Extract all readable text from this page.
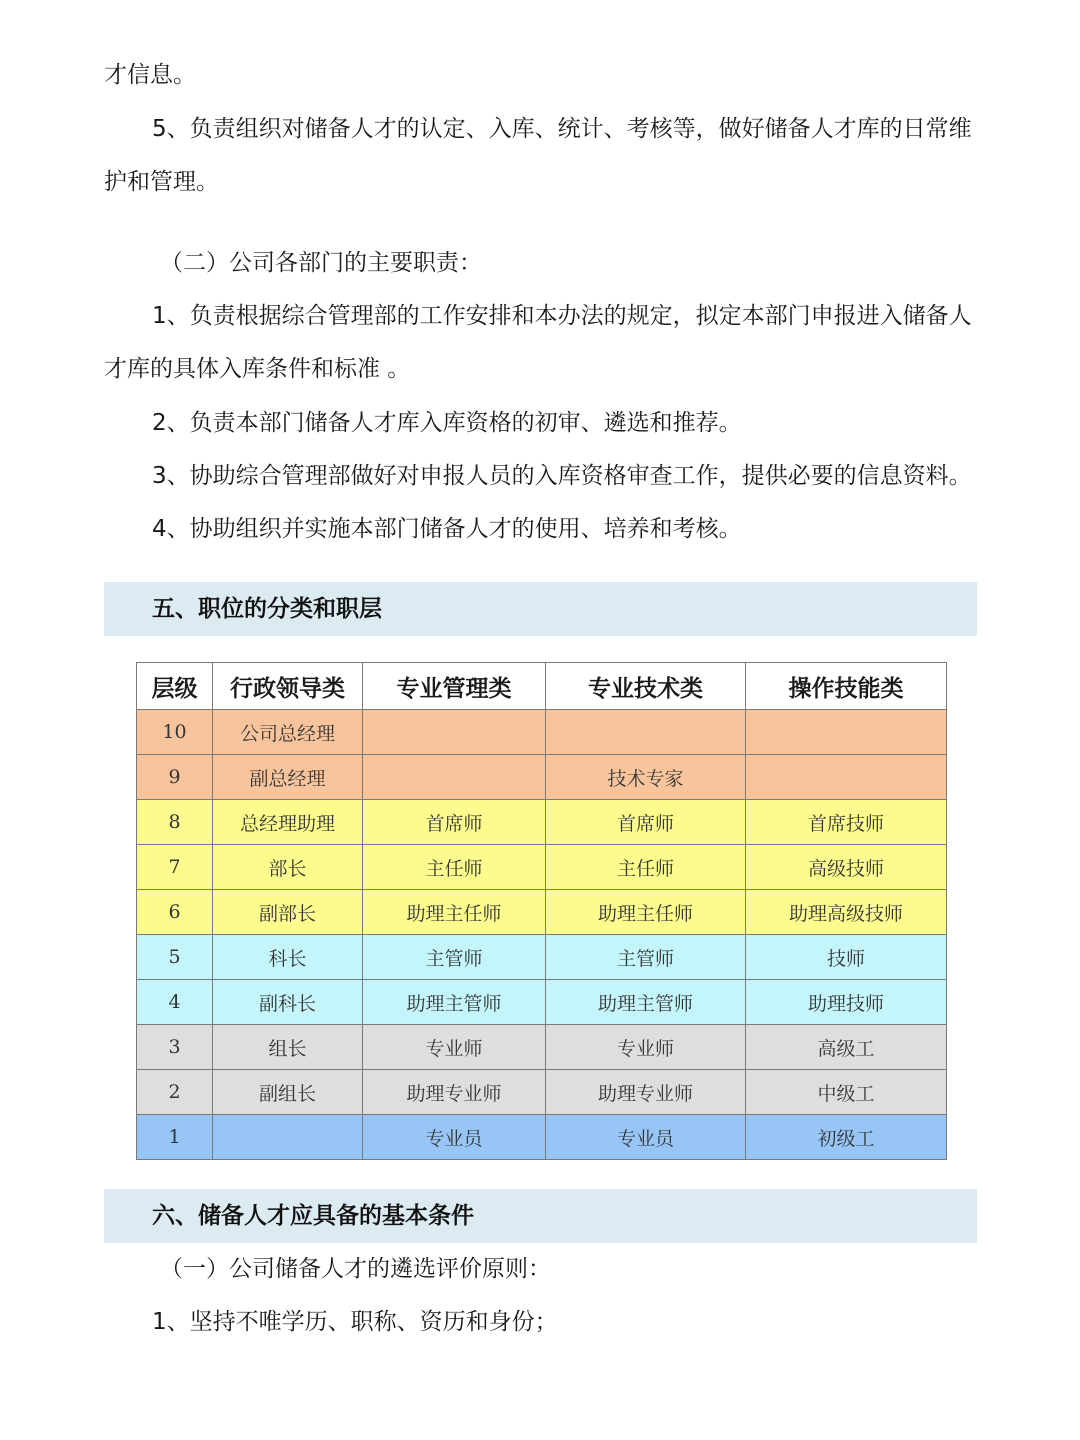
才信息。

5、负责组织对储备人才的认定、入库、统计、考核等，做好储备人才库的日常维护和管理。

（二）公司各部门的主要职责：

1、负责根据综合管理部的工作安排和本办法的规定，拟定本部门申报进入储备人才库的具体入库条件和标准 。

2、负责本部门储备人才库入库资格的初审、遴选和推荐。

3、协助综合管理部做好对申报人员的入库资格审查工作，提供必要的信息资料。

4、协助组织并实施本部门储备人才的使用、培养和考核。

五、职位的分类和职层
层级	行政领导类	专业管理类	专业技术类	操作技能类
10	公司总经理			
9	副总经理		技术专家	
8	总经理助理	首席师	首席师	首席技师
7	部长	主任师	主任师	高级技师
6	副部长	助理主任师	助理主任师	助理高级技师
5	科长	主管师	主管师	技师
4	副科长	助理主管师	助理主管师	助理技师
3	组长	专业师	专业师	高级工
2	副组长	助理专业师	助理专业师	中级工
1		专业员	专业员	初级工
六、储备人才应具备的基本条件

（一）公司储备人才的遴选评价原则：

1、坚持不唯学历、职称、资历和身份；
